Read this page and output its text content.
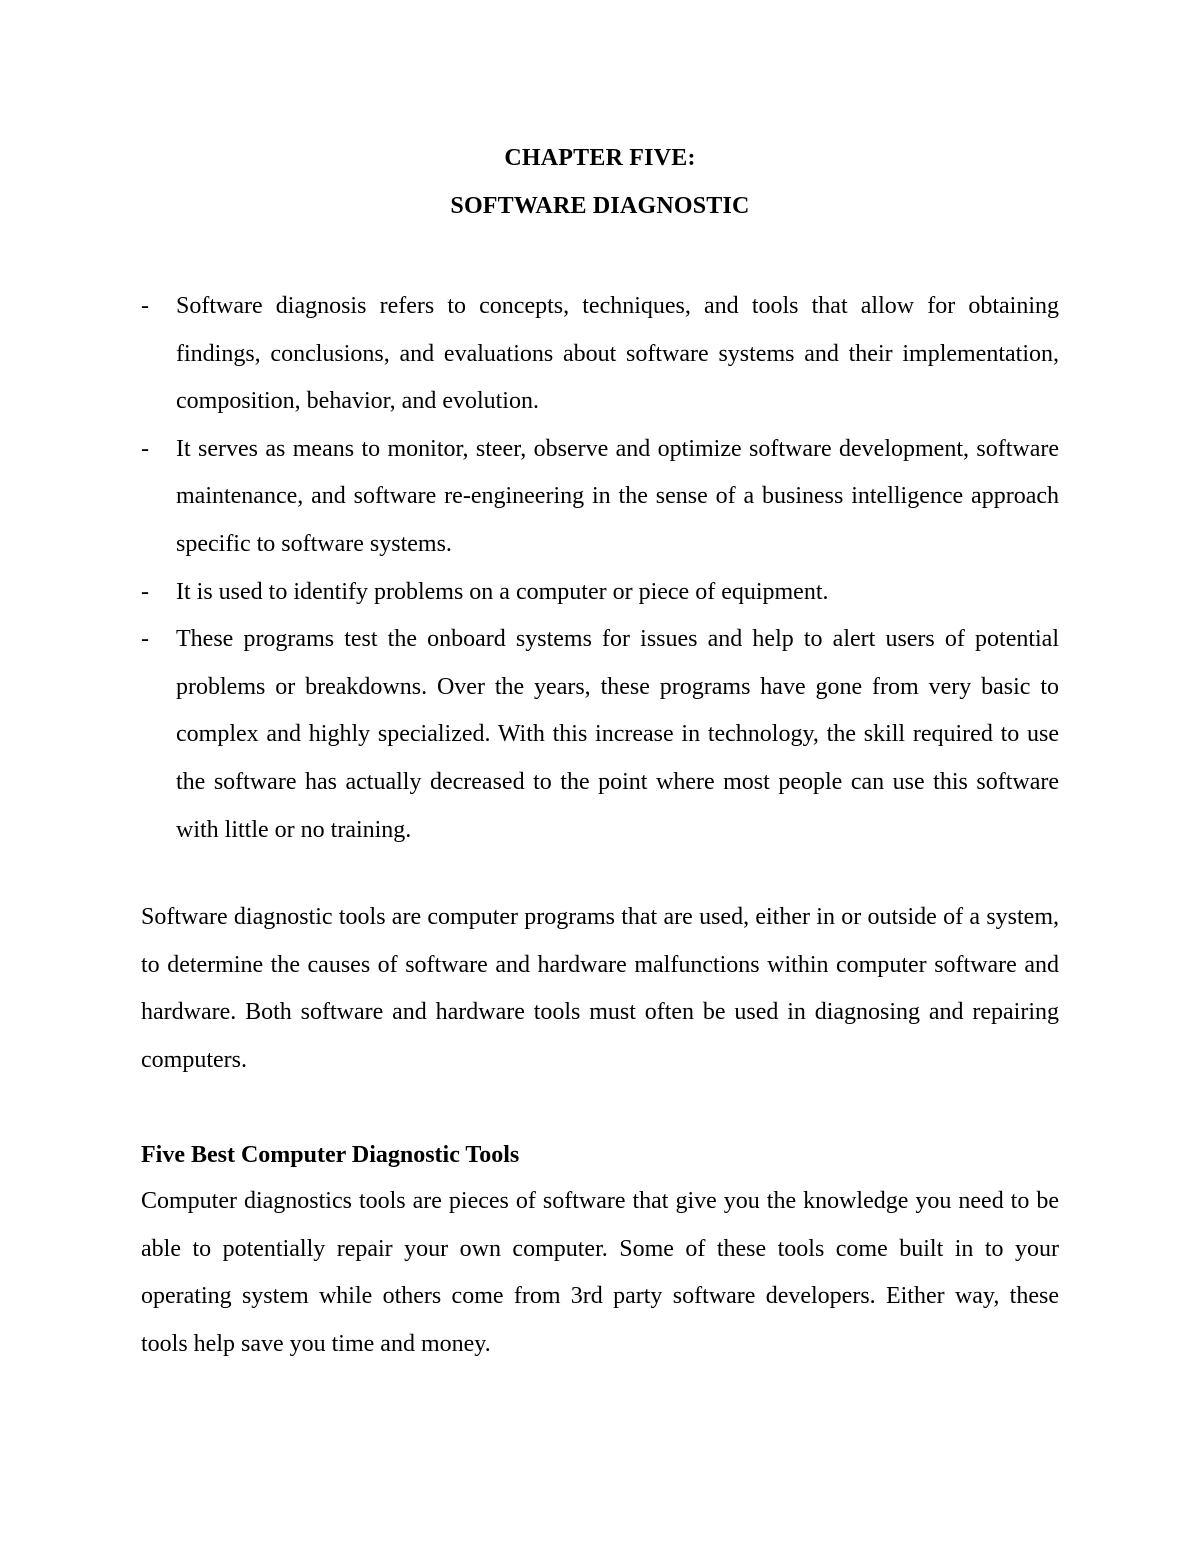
CHAPTER FIVE:
SOFTWARE DIAGNOSTIC
-	Software diagnosis refers to concepts, techniques, and tools that allow for obtaining findings, conclusions, and evaluations about software systems and their implementation, composition, behavior, and evolution.
-	It serves as means to monitor, steer, observe and optimize software development, software maintenance, and software re-engineering in the sense of a business intelligence approach specific to software systems.
-	It is used to identify problems on a computer or piece of equipment.
-	These programs test the onboard systems for issues and help to alert users of potential problems or breakdowns. Over the years, these programs have gone from very basic to complex and highly specialized. With this increase in technology, the skill required to use the software has actually decreased to the point where most people can use this software with little or no training.

Software diagnostic tools are computer programs that are used, either in or outside of a system, to determine the causes of software and hardware malfunctions within computer software and hardware. Both software and hardware tools must often be used in diagnosing and repairing computers.

Five Best Computer Diagnostic Tools

Computer diagnostics tools are pieces of software that give you the knowledge you need to be able to potentially repair your own computer. Some of these tools come built in to your operating system while others come from 3rd party software developers. Either way, these tools help save you time and money.
